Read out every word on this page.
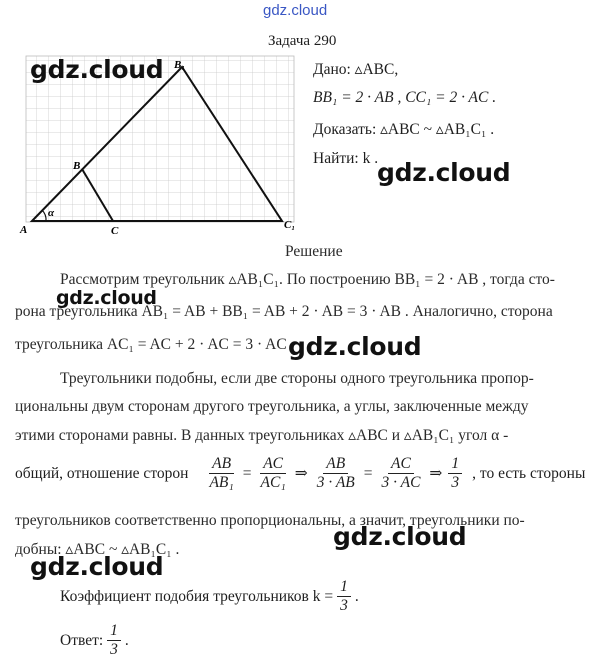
gdz.cloud
Задача 290
α
A
B
C
B₁
C₁
Дано: ▵ABC,
BB₁ = 2 · AB , CC₁ = 2 · AC .
Доказать: ▵ABC ~ ▵AB₁C₁ .
Найти: k .
Решение
Рассмотрим треугольник ▵AB₁C₁. По построению BB₁ = 2 · AB , тогда сто-
рона треугольника AB₁ = AB + BB₁ = AB + 2 · AB = 3 · AB . Аналогично, сторона
треугольника AC₁ = AC + 2 · AC = 3 · AC .
Треугольники подобны, если две стороны одного треугольника пропор-
циональны двум сторонам другого треугольника, а углы, заключенные между
этими сторонами равны. В данных треугольниках ▵ABC и ▵AB₁C₁ угол α -
общий, отношение сторон $\frac{AB}{\text{AB₁}} = \frac{AC}{\text{AC₁}}$ ⇒ $\frac{AB}{3 \cdot AB} = \frac{AC}{3 \cdot AC}$ ⇒ $\frac{1}{3}$ , то есть стороны
треугольников соответственно пропорциональны, а значит, треугольники по-
добны: ▵ABC ~ ▵AB₁C₁ .
Коэффициент подобия треугольников $k = \frac{1}{3}$ .
Ответ: $\frac{1}{3}$ .
gdz.cloud
gdz.cloud
gdz.cloud
gdz.cloud
gdz.cloud
gdz.cloud
